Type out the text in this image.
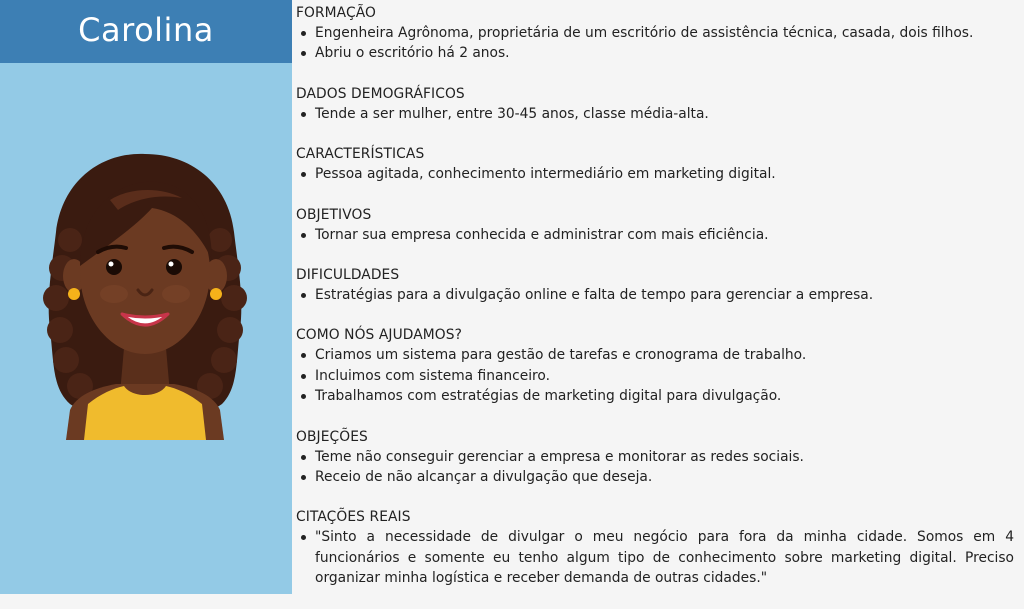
Carolina	FORMAÇÃO
Engenheira Agrônoma, proprietária de um escritório de assistência técnica, casada, dois filhos.
Abriu o escritório há 2 anos.
DADOS DEMOGRÁFICOS
Tende a ser mulher, entre 30-45 anos, classe média-alta.
CARACTERÍSTICAS
Pessoa agitada, conhecimento intermediário em marketing digital.
OBJETIVOS
Tornar sua empresa conhecida e administrar com mais eficiência.
DIFICULDADES
Estratégias para a divulgação online e falta de tempo para gerenciar a empresa.
COMO NÓS AJUDAMOS?
Criamos um sistema para gestão de tarefas e cronograma de trabalho.
Incluimos com sistema financeiro.
Trabalhamos com estratégias de marketing digital para divulgação.
OBJEÇÕES
Teme não conseguir gerenciar a empresa e monitorar as redes sociais.
Receio de não alcançar a divulgação que deseja.
CITAÇÕES REAIS
"Sinto a necessidade de divulgar o meu negócio para fora da minha cidade. Somos em 4 funcionários e somente eu tenho algum tipo de conhecimento sobre marketing digital. Preciso organizar minha logística e receber demanda de outras cidades."
